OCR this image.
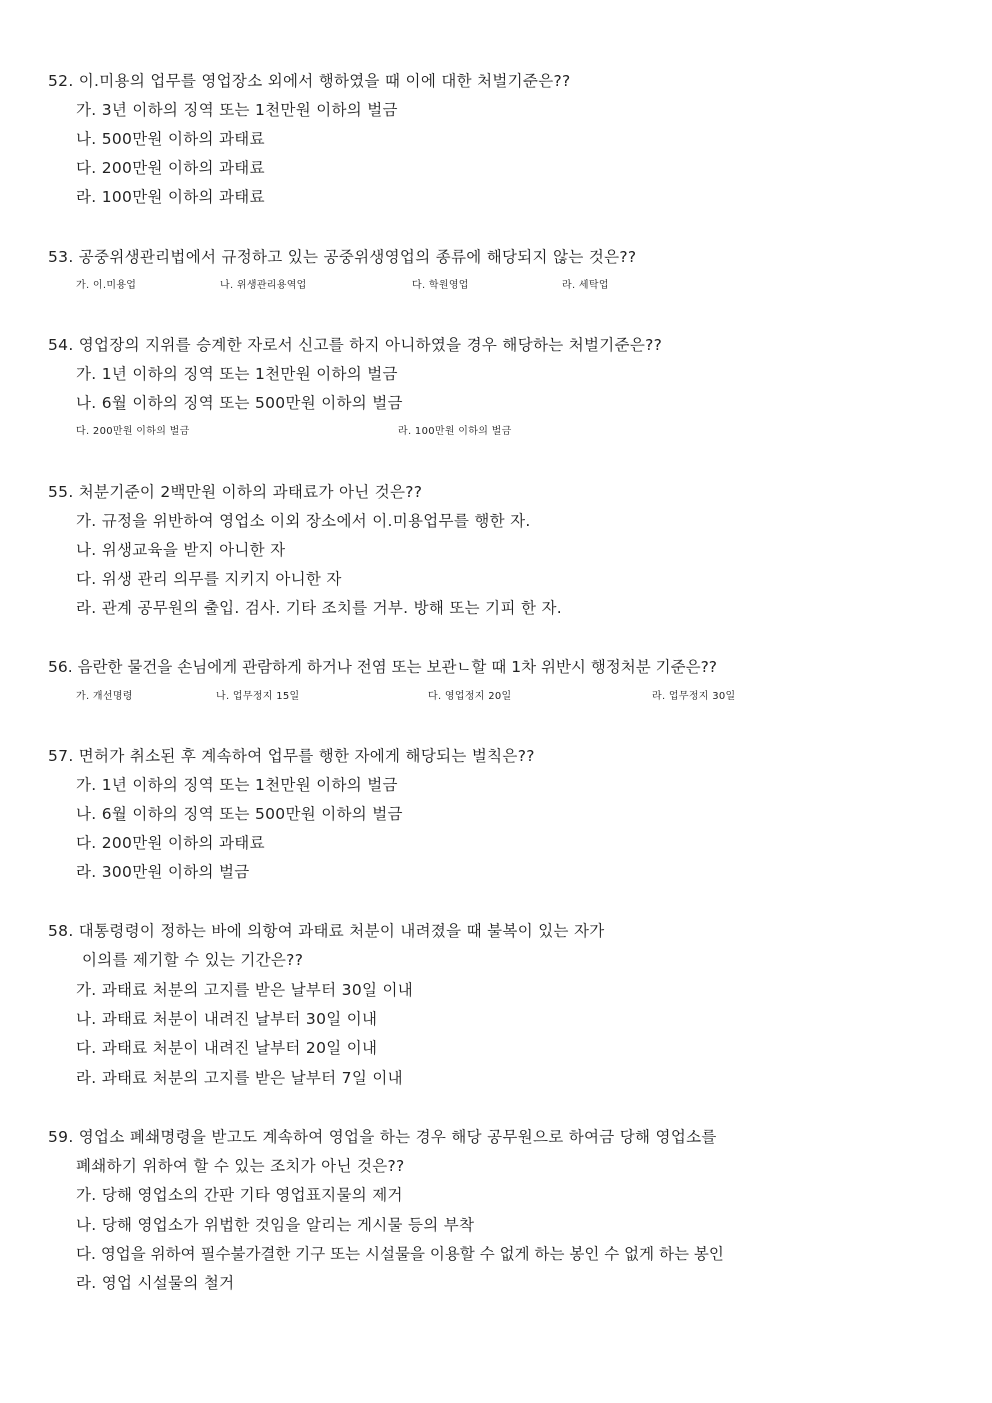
52. 이.미용의 업무를 영업장소 외에서 행하였을 때 이에 대한 처벌기준은??
가. 3년 이하의 징역 또는 1천만원 이하의 벌금
나. 500만원 이하의 과태료
다. 200만원 이하의 과태료
라. 100만원 이하의 과태료
53. 공중위생관리법에서 규정하고 있는 공중위생영업의 종류에 해당되지 않는 것은??
가. 이.미용업	나. 위생관리용역업	다. 학원영업	라. 세탁업
54. 영업장의 지위를 승계한 자로서 신고를 하지 아니하였을 경우 해당하는 처벌기준은??
가. 1년 이하의 징역 또는 1천만원 이하의 벌금
나. 6월 이하의 징역 또는 500만원 이하의 벌금
다. 200만원 이하의 벌금	라. 100만원 이하의 벌금
55. 처분기준이 2백만원 이하의 과태료가 아닌 것은??
가. 규정을 위반하여 영업소 이외 장소에서 이.미용업무를 행한 자.
나. 위생교육을 받지 아니한 자
다. 위생 관리 의무를 지키지 아니한 자
라. 관계 공무원의 출입. 검사. 기타 조치를 거부. 방해 또는 기피 한 자.
56. 음란한 물건을 손님에게 관람하게 하거나 전염 또는 보관ㄴ할 때 1차 위반시 행정처분 기준은??
가. 개선명령	나. 업무정지 15일	다. 영업정지 20일	라. 업무정지 30일
57. 면허가 취소된 후 계속하여 업무를 행한 자에게 해당되는 벌칙은??
가. 1년 이하의 징역 또는 1천만원 이하의 벌금
나. 6월 이하의 징역 또는 500만원 이하의 벌금
다. 200만원 이하의 과태료
라. 300만원 이하의 벌금
58. 대통령령이 정하는 바에 의항여 과태료 처분이 내려졌을 때 불복이 있는 자가
이의를 제기할 수 있는 기간은??
가. 과태료 처분의 고지를 받은 날부터 30일 이내
나. 과태료 처분이 내려진 날부터 30일 이내
다. 과태료 처분이 내려진 날부터 20일 이내
라. 과태료 처분의 고지를 받은 날부터 7일 이내
59. 영업소 폐쇄명령을 받고도 계속하여 영업을 하는 경우 해당 공무원으로 하여금 당해 영업소를
폐쇄하기 위하여 할 수 있는 조치가 아닌 것은??
가. 당해 영업소의 간판 기타 영업표지물의 제거
나. 당해 영업소가 위법한 것임을 알리는 게시물 등의 부착
다. 영업을 위하여 필수불가결한 기구 또는 시설물을 이용할 수 없게 하는 봉인 수 없게 하는 봉인
라. 영업 시설물의 철거
